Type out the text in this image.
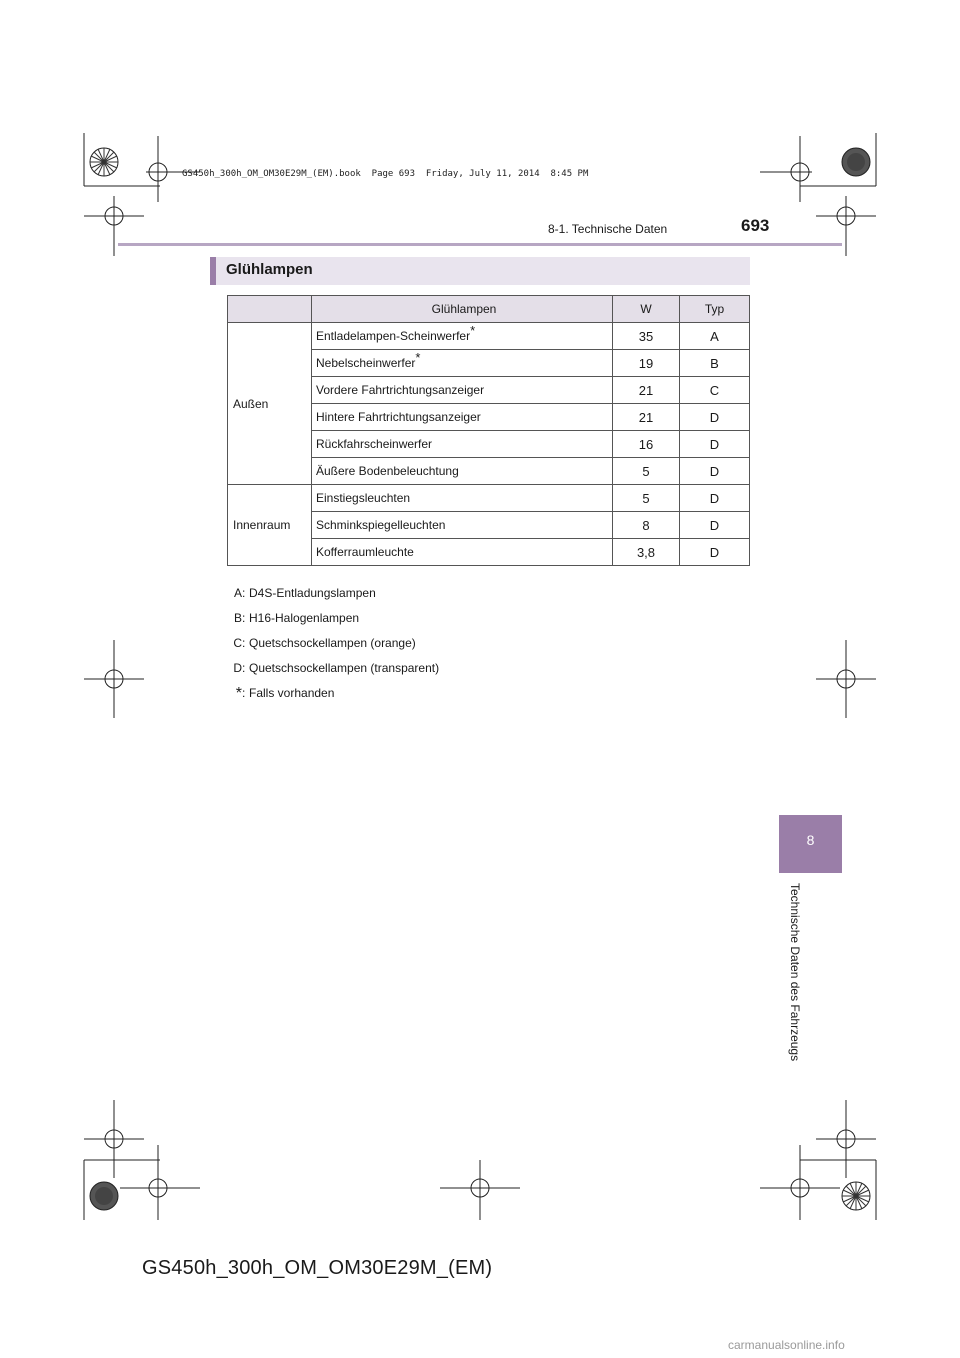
GS450h_300h_OM_OM30E29M_(EM).book  Page 693  Friday, July 11, 2014  8:45 PM
8-1. Technische Daten	693
Glühlampen
	Glühlampen	W	Typ
Außen	Entladelampen-Scheinwerfer*	35	A
	Nebelscheinwerfer*	19	B
	Vordere Fahrtrichtungsanzeiger	21	C
	Hintere Fahrtrichtungsanzeiger	21	D
	Rückfahrscheinwerfer	16	D
	Äußere Bodenbeleuchtung	5	D
Innenraum	Einstiegsleuchten	5	D
	Schminkspiegelleuchten	8	D
	Kofferraumleuchte	3,8	D
A : D4S-Entladungslampen
B : H16-Halogenlampen
C : Quetschsockellampen (orange)
D : Quetschsockellampen (transparent)
* : Falls vorhanden
8
Technische Daten des Fahrzeugs
GS450h_300h_OM_OM30E29M_(EM)
carmanualsonline.info
